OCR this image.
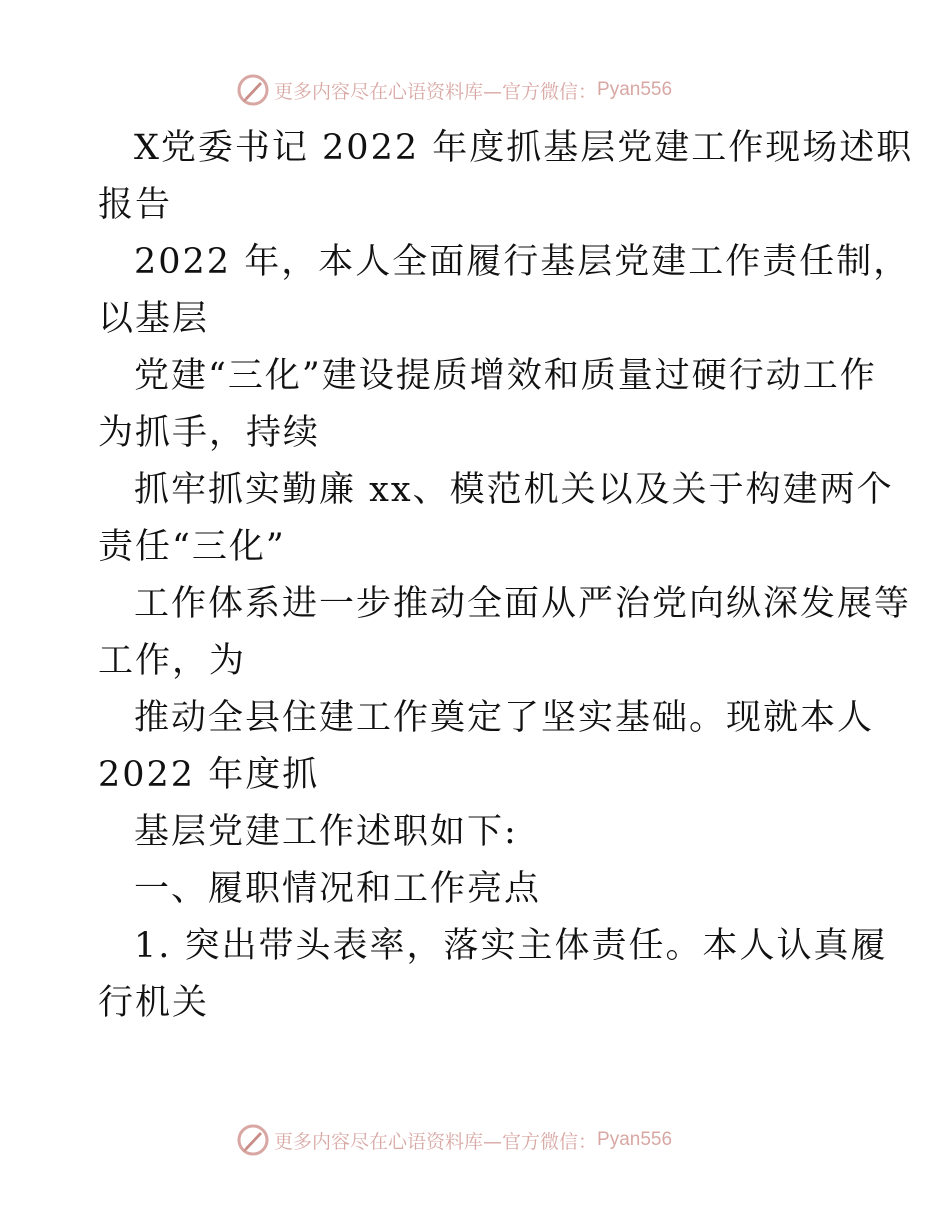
更多内容尽在心语资料库—官方微信： Pyan556
X党委书记 2022 年度抓基层党建工作现场述职
报告
2022 年，本人全面履行基层党建工作责任制，
以基层
党建“三化”建设提质增效和质量过硬行动工作
为抓手，持续
抓牢抓实勤廉 xx、模范机关以及关于构建两个
责任“三化”
工作体系进一步推动全面从严治党向纵深发展等
工作，为
推动全县住建工作奠定了坚实基础。现就本人
2022 年度抓
基层党建工作述职如下:
一、履职情况和工作亮点
1. 突出带头表率，落实主体责任。本人认真履
行机关
更多内容尽在心语资料库—官方微信： Pyan556
